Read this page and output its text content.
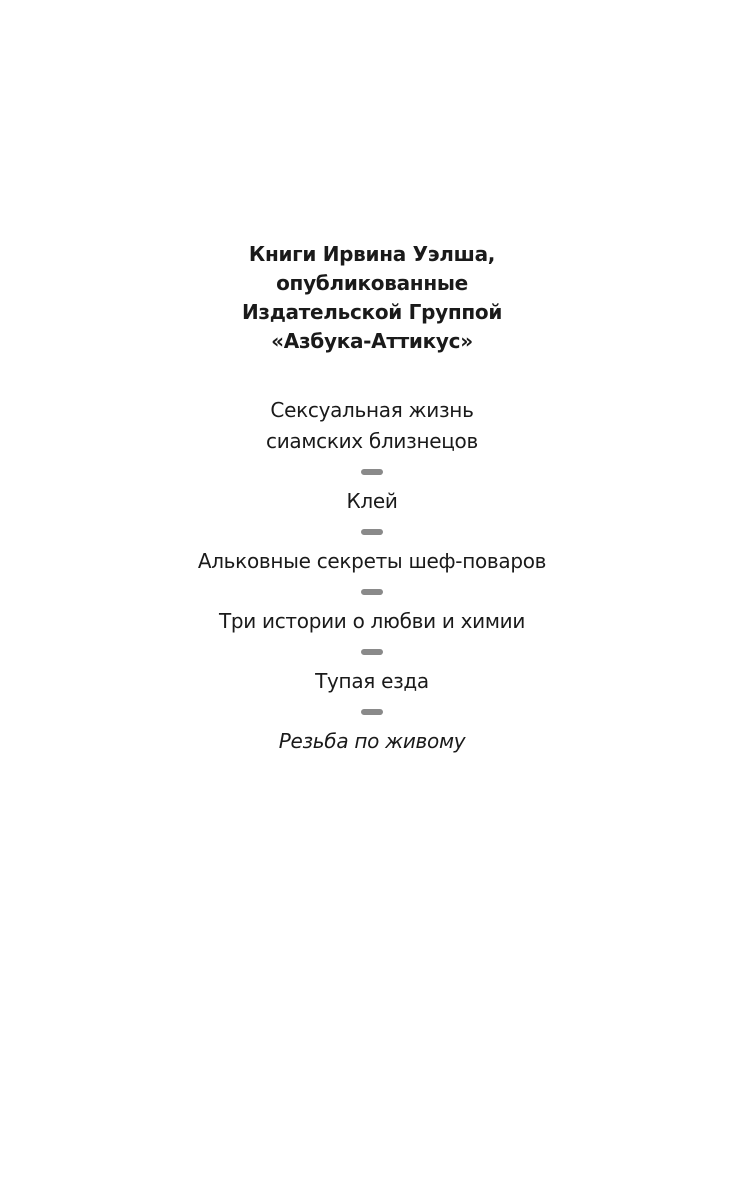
Книги Ирвина Уэлша,
опубликованные
Издательской Группой
«Азбука-Аттикус»
Сексуальная жизнь
сиамских близнецов
Клей
Альковные секреты шеф-поваров
Три истории о любви и химии
Тупая езда
Резьба по живому
